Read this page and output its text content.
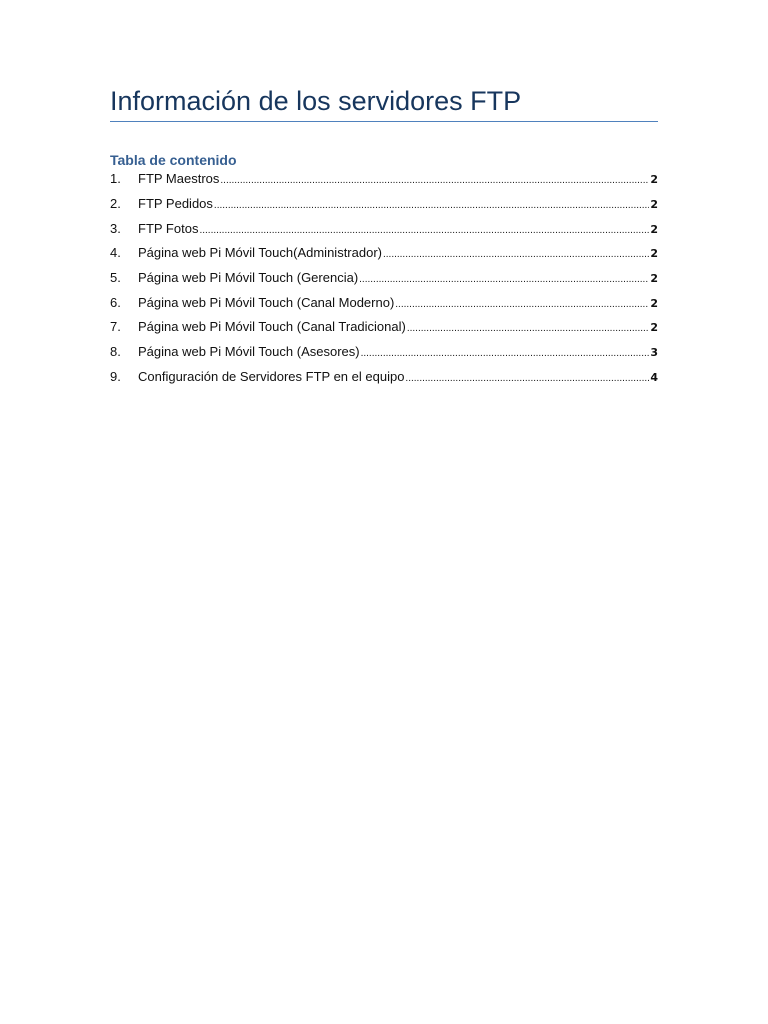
Información de los servidores FTP
Tabla de contenido
1.	FTP Maestros .....	2
2.	FTP Pedidos .....	2
3.	FTP Fotos .....	2
4.	Página web Pi Móvil Touch(Administrador) .....	2
5.	Página web Pi Móvil Touch (Gerencia) .....	2
6.	Página web Pi Móvil Touch (Canal Moderno) .....	2
7.	Página web Pi Móvil Touch (Canal Tradicional) .....	2
8.	Página web Pi Móvil Touch (Asesores) .....	3
9.	Configuración de Servidores FTP en el equipo .....	4
